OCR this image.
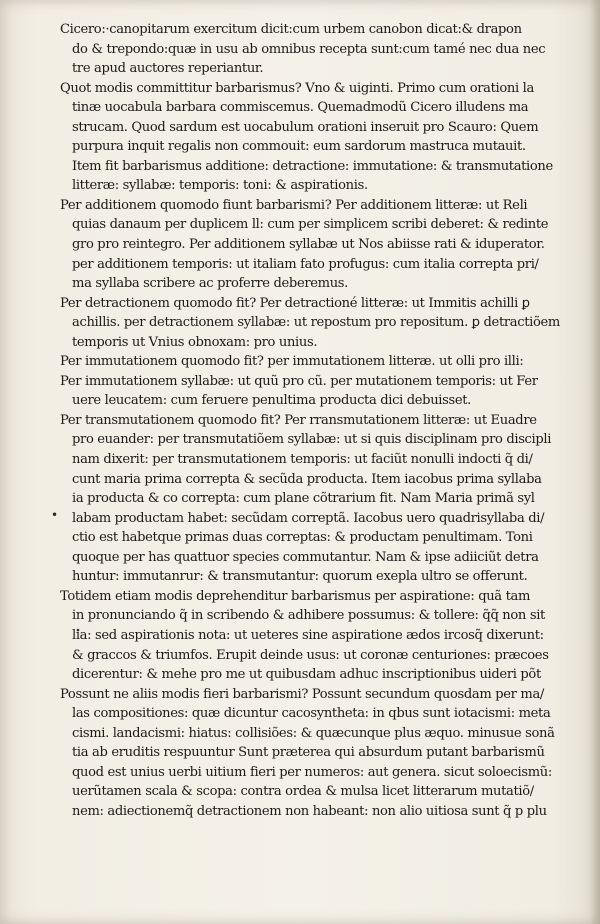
•
Cicero:·canopitarum exercitum dicit:cum urbem canobon dicat:& drapon
do & trepondo:quæ in usu ab omnibus recepta sunt:cum tamé nec dua nec
tre apud auctores reperiantur.
Quot modis committitur barbarismus? Vno & uiginti. Primo cum orationi la
tinæ uocabula barbara commiscemus. Quemadmodũ Cicero illudens ma
strucam. Quod sardum est uocabulum orationi inseruit pro Scauro: Quem
purpura inquit regalis non commouit: eum sardorum mastruca mutauit.
Item fit barbarismus additione: detractione: immutatione: & transmutatione
litteræ: syllabæ: temporis: toni: & aspirationis.
Per additionem quomodo fiunt barbarismi? Per additionem litteræ: ut Reli
quias danaum per duplicem ll: cum per simplicem scribi deberet: & redinte
gro pro reintegro. Per additionem syllabæ ut Nos abiisse rati & iduperator.
per additionem temporis: ut italiam fato profugus: cum italia correpta pri/
ma syllaba scribere ac proferre deberemus.
Per detractionem quomodo fit? Per detractioné litteræ: ut Immitis achilli ꝑ
achillis. per detractionem syllabæ: ut repostum pro repositum. ꝑ detractiõem
temporis ut Vnius obnoxam: pro unius.
Per immutationem quomodo fit? per immutationem litteræ. ut olli pro illi:
Per immutationem syllabæ: ut quũ pro cũ. per mutationem temporis: ut Fer
uere leucatem: cum feruere penultima producta dici debuisset.
Per transmutationem quomodo fit? Per rransmutationem litteræ: ut Euadre
pro euander: per transmutatiõem syllabæ: ut si quis disciplinam pro discipli
nam dixerit: per transmutationem temporis: ut faciũt nonulli indocti q̃ di/
cunt maria prima correpta & secũda producta. Item iacobus prima syllaba
ia producta & co correpta: cum plane cõtrarium fit. Nam Maria primã syl
labam productam habet: secũdam correptã. Iacobus uero quadrisyllaba di/
ctio est habetque primas duas correptas: & productam penultimam. Toni
quoque per has quattuor species commutantur. Nam & ipse adiiciũt detra
huntur: immutanrur: & transmutantur: quorum exepla ultro se offerunt.
Totidem etiam modis deprehenditur barbarismus per aspiratione: quã tam
in pronunciando q̃ in scribendo & adhibere possumus: & tollere: q̃q̃ non sit
li̽a: sed aspirationis nota: ut ueteres sine aspiratione ædos ircosq̃ dixerunt:
& graccos & triumfos. Erupit deinde usus: ut coronæ centuriones: præcoes
dicerentur: & mehe pro me ut quibusdam adhuc inscriptionibus uideri põt
Possunt ne aliis modis fieri barbarismi? Possunt secundum quosdam per ma/
las compositiones: quæ dicuntur cacosyntheta: in qbus sunt iotacismi: meta
cismi. landacismi: hiatus: collisiões: & quæcunque plus æquo. minusue sonã
tia ab eruditis respuuntur Sunt præterea qui absurdum putant barbarismũ
quod est unius uerbi uitium fieri per numeros: aut genera. sicut soloecismũ:
uerũtamen scala & scopa: contra ordea & mulsa licet litterarum mutatiõ/
nem: adiectionemq̃ detractionem non habeant: non alio uitiosa sunt q̃ p plu
